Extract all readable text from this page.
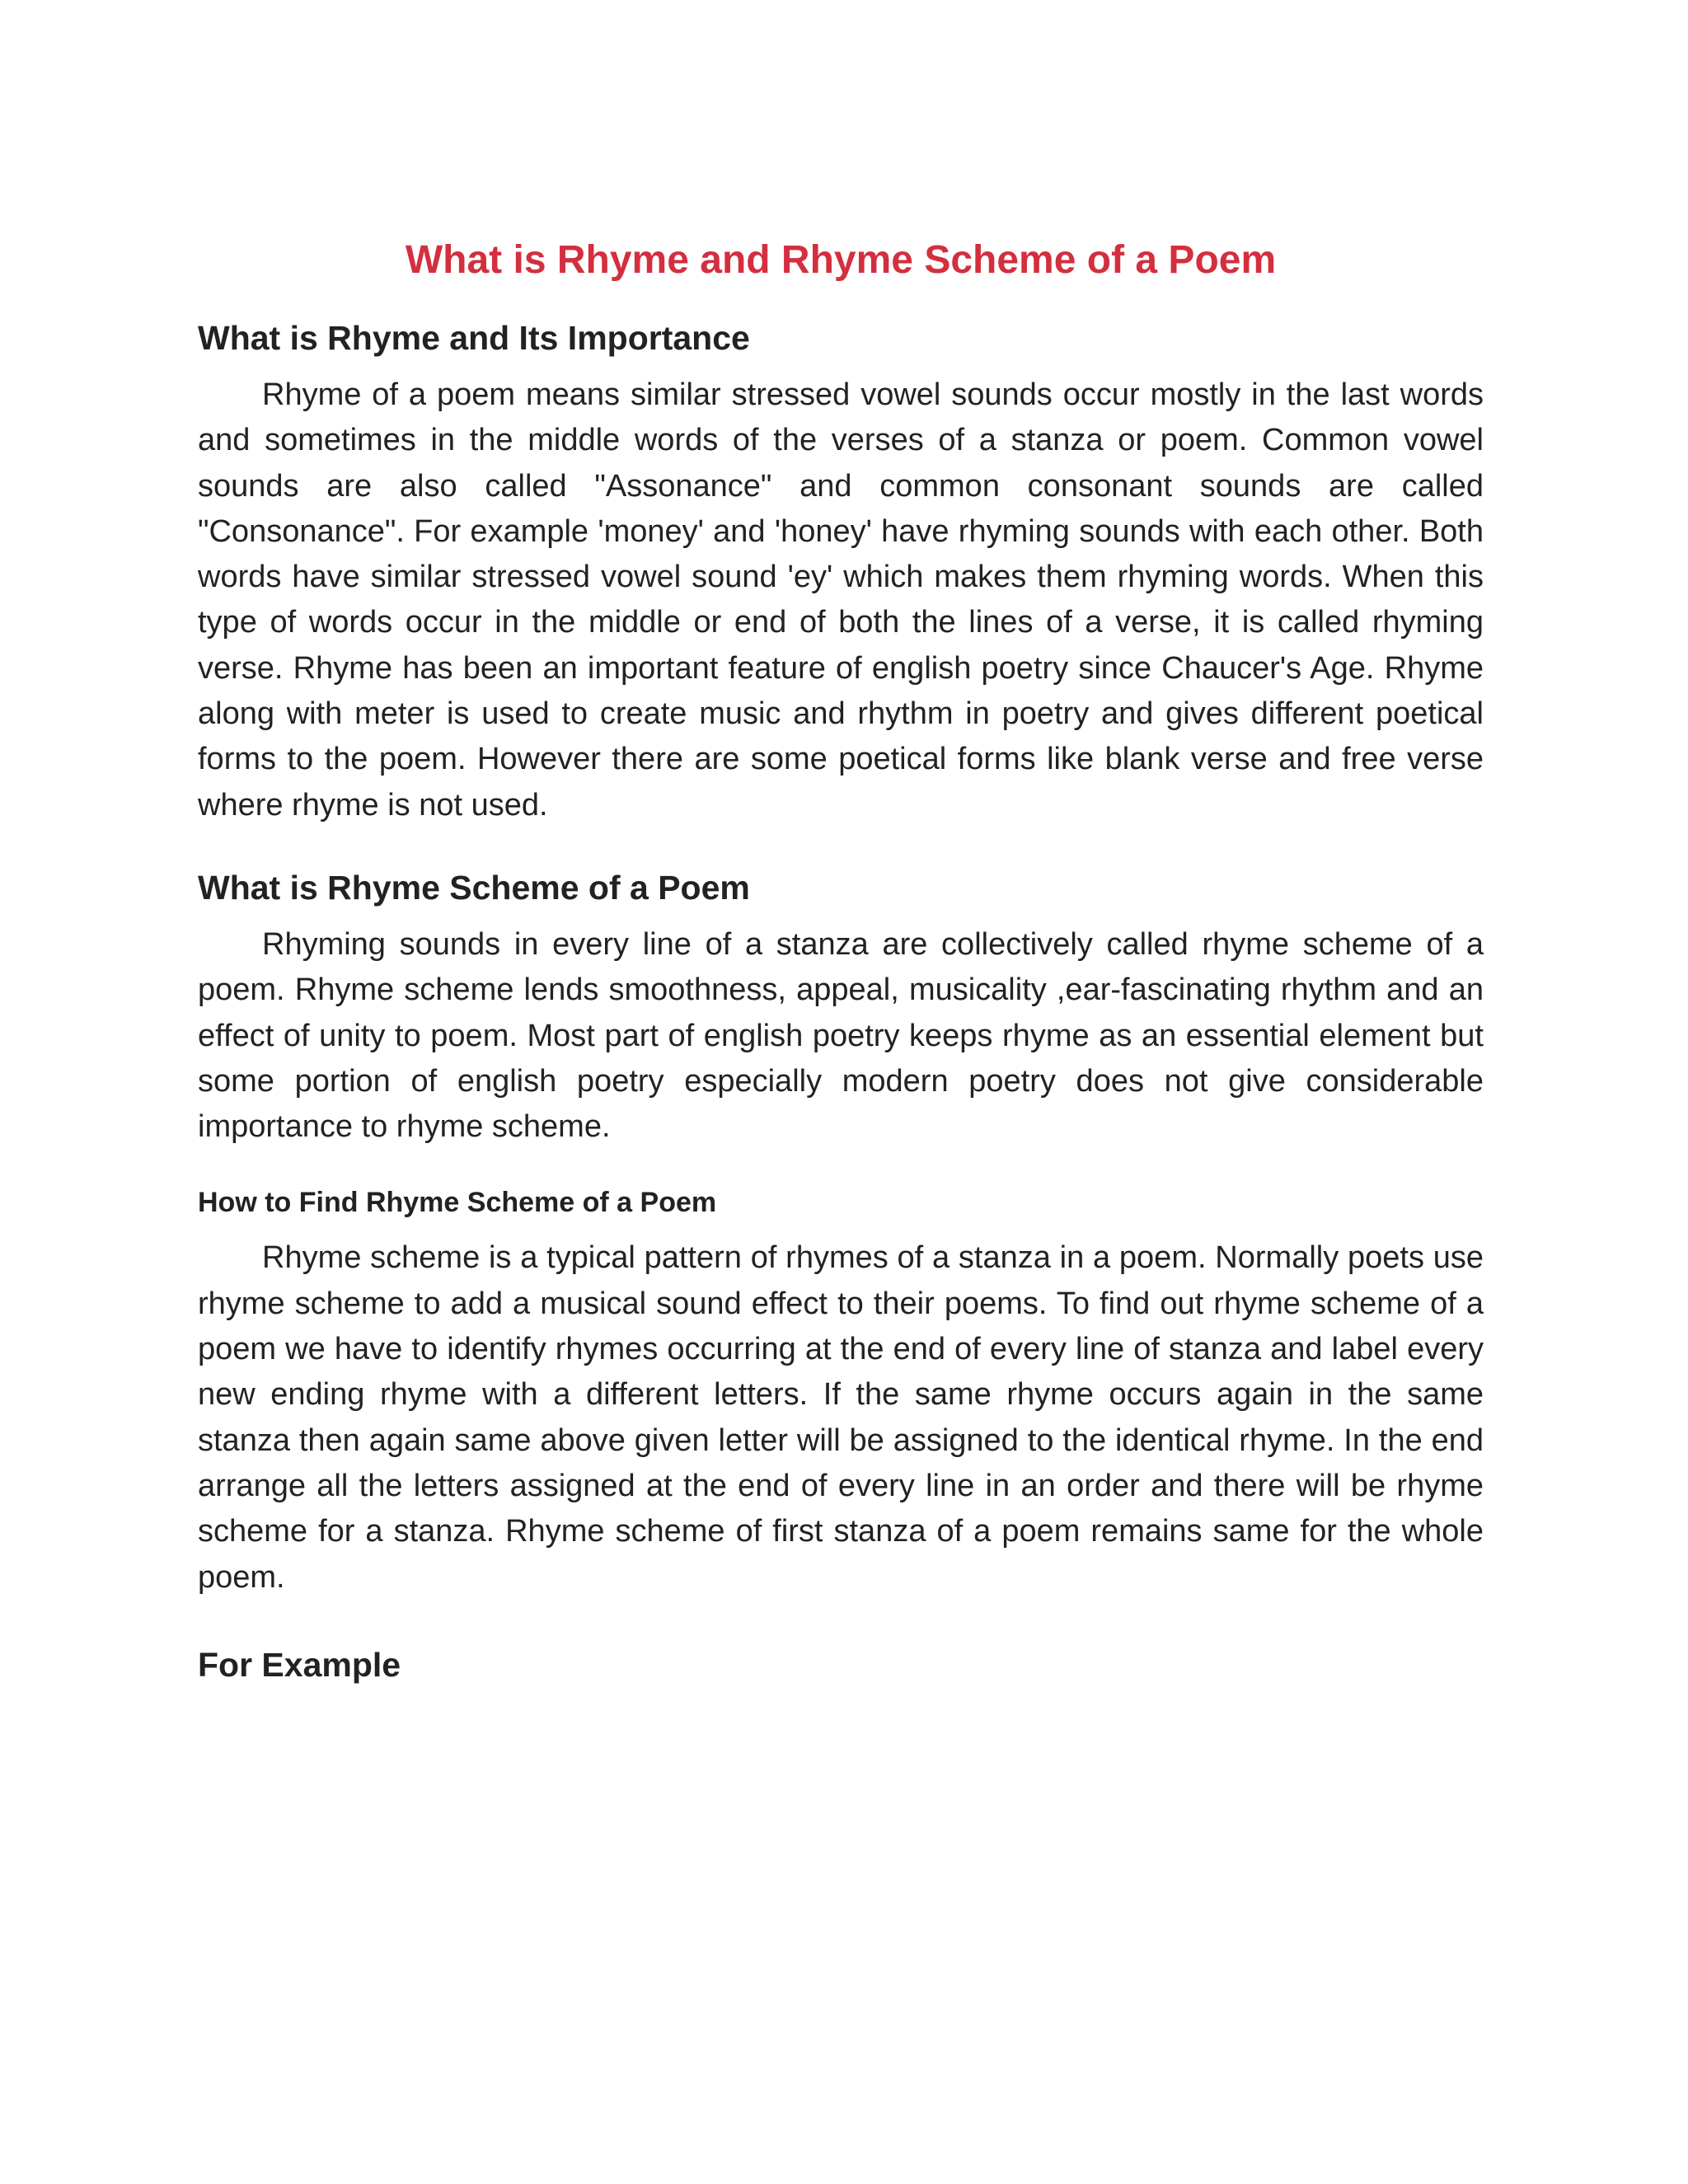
What is Rhyme and Rhyme Scheme of a Poem
What is Rhyme and Its Importance

Rhyme of a poem means similar stressed vowel sounds occur mostly in the last words and sometimes in the middle words of the verses of a stanza or poem. Common vowel sounds are also called "Assonance" and common consonant sounds are called "Consonance". For example 'money' and 'honey' have rhyming sounds with each other. Both words have similar stressed vowel sound 'ey' which makes them rhyming words. When this type of words occur in the middle or end of both the lines of a verse, it is called rhyming verse. Rhyme has been an important feature of english poetry since Chaucer's Age. Rhyme along with meter is used to create music and rhythm in poetry and gives different poetical forms to the poem. However there are some poetical forms like blank verse and free verse where rhyme is not used.

What is Rhyme Scheme of a Poem

Rhyming sounds in every line of a stanza are collectively called rhyme scheme of a poem. Rhyme scheme lends smoothness, appeal, musicality ,ear-fascinating rhythm and an effect of unity to poem. Most part of english poetry keeps rhyme as an essential element but some portion of english poetry especially modern poetry does not give considerable importance to rhyme scheme.

How to Find Rhyme Scheme of a Poem

Rhyme scheme is a typical pattern of rhymes of a stanza in a poem. Normally poets use rhyme scheme to add a musical sound effect to their poems. To find out rhyme scheme of a poem we have to identify rhymes occurring at the end of every line of stanza and label every new ending rhyme with a different letters. If the same rhyme occurs again in the same stanza then again same above given letter will be assigned to the identical rhyme. In the end arrange all the letters assigned at the end of every line in an order and there will be rhyme scheme for a stanza. Rhyme scheme of first stanza of a poem remains same for the whole poem.

For Example
